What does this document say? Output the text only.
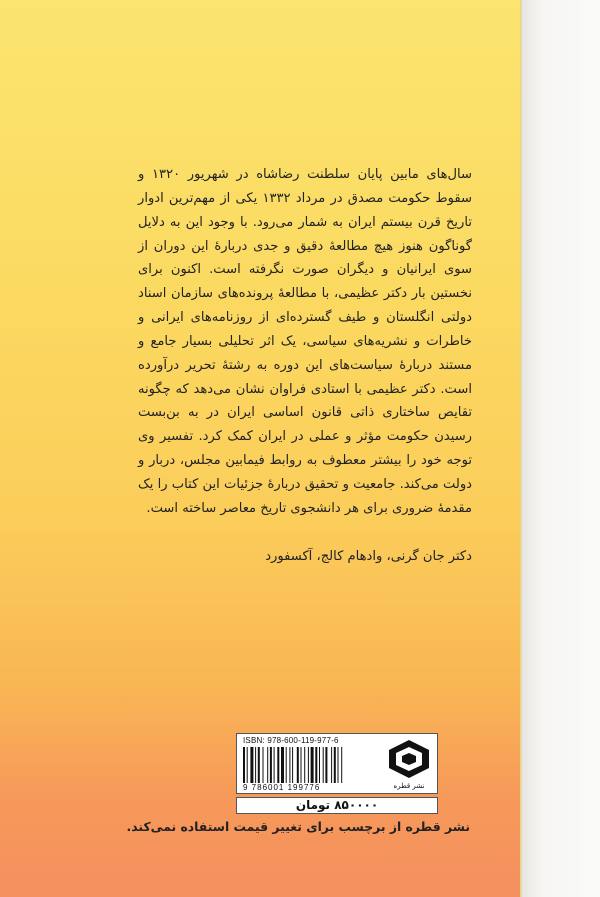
سال‌های مابین پایان سلطنت رضاشاه در شهریور ۱۳۲۰ و سقوط حکومت مصدق در مرداد ۱۳۳۲ یکی از مهم‌ترین ادوار تاریخ قرن بیستم ایران به شمار می‌رود. با وجود این به دلایل گوناگون هنوز هیچ مطالعهٔ دقیق و جدی دربارهٔ این دوران از سوی ایرانیان و دیگران صورت نگرفته است. اکنون برای نخستین بار دکتر عظیمی، با مطالعهٔ پرونده‌های سازمان اسناد دولتی انگلستان و طیف گسترده‌ای از روزنامه‌های ایرانی و خاطرات و نشریه‌های سیاسی، یک اثر تحلیلی بسیار جامع و مستند دربارهٔ سیاست‌های این دوره به رشتهٔ تحریر درآورده است. دکتر عظیمی با استادی فراوان نشان می‌دهد که چگونه تقایص ساختاری ذاتی قانون اساسی ایران در به بن‌بست رسیدن حکومت مؤثر و عملی در ایران کمک کرد. تفسیر وی توجه خود را بیشتر معطوف به روابط فیمابین مجلس، دربار و دولت می‌کند. جامعیت و تحقیق دربارهٔ جزئیات این کتاب را یک مقدمهٔ ضروری برای هر دانشجوی تاریخ معاصر ساخته است.

دکتر جان گرنی، وادهام کالج، آکسفورد
ISBN: 978-600-119-977-6
9 786001 199776	نشر قطره
۸۵۰۰۰۰ تومان
نشر قطره از برچسب برای تغییر قیمت استفاده نمی‌کند.
